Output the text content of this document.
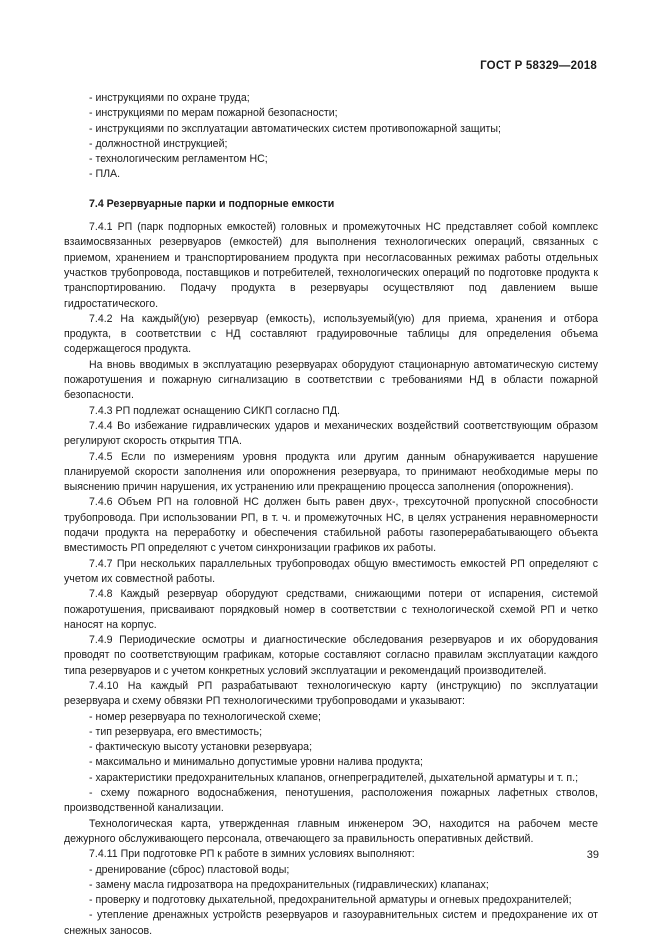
ГОСТ Р 58329—2018
- инструкциями по охране труда;
- инструкциями по мерам пожарной безопасности;
- инструкциями по эксплуатации автоматических систем противопожарной защиты;
- должностной инструкцией;
- технологическим регламентом НС;
- ПЛА.
7.4 Резервуарные парки и подпорные емкости
7.4.1 РП (парк подпорных емкостей) головных и промежуточных НС представляет собой комплекс взаимосвязанных резервуаров (емкостей) для выполнения технологических операций, связанных с приемом, хранением и транспортированием продукта при несогласованных режимах работы отдельных участков трубопровода, поставщиков и потребителей, технологических операций по подготовке продукта к транспортированию. Подачу продукта в резервуары осуществляют под давлением выше гидростатического.
7.4.2 На каждый(ую) резервуар (емкость), используемый(ую) для приема, хранения и отбора продукта, в соответствии с НД составляют градуировочные таблицы для определения объема содержащегося продукта.
На вновь вводимых в эксплуатацию резервуарах оборудуют стационарную автоматическую систему пожаротушения и пожарную сигнализацию в соответствии с требованиями НД в области пожарной безопасности.
7.4.3 РП подлежат оснащению СИКП согласно ПД.
7.4.4 Во избежание гидравлических ударов и механических воздействий соответствующим образом регулируют скорость открытия ТПА.
7.4.5 Если по измерениям уровня продукта или другим данным обнаруживается нарушение планируемой скорости заполнения или опорожнения резервуара, то принимают необходимые меры по выяснению причин нарушения, их устранению или прекращению процесса заполнения (опорожнения).
7.4.6 Объем РП на головной НС должен быть равен двух-, трехсуточной пропускной способности трубопровода. При использовании РП, в т. ч. и промежуточных НС, в целях устранения неравномерности подачи продукта на переработку и обеспечения стабильной работы газоперерабатывающего объекта вместимость РП определяют с учетом синхронизации графиков их работы.
7.4.7 При нескольких параллельных трубопроводах общую вместимость емкостей РП определяют с учетом их совместной работы.
7.4.8 Каждый резервуар оборудуют средствами, снижающими потери от испарения, системой пожаротушения, присваивают порядковый номер в соответствии с технологической схемой РП и четко наносят на корпус.
7.4.9 Периодические осмотры и диагностические обследования резервуаров и их оборудования проводят по соответствующим графикам, которые составляют согласно правилам эксплуатации каждого типа резервуаров и с учетом конкретных условий эксплуатации и рекомендаций производителей.
7.4.10 На каждый РП разрабатывают технологическую карту (инструкцию) по эксплуатации резервуара и схему обвязки РП технологическими трубопроводами и указывают:
- номер резервуара по технологической схеме;
- тип резервуара, его вместимость;
- фактическую высоту установки резервуара;
- максимально и минимально допустимые уровни налива продукта;
- характеристики предохранительных клапанов, огнепреградителей, дыхательной арматуры и т. п.;
- схему пожарного водоснабжения, пенотушения, расположения пожарных лафетных стволов, производственной канализации.
Технологическая карта, утвержденная главным инженером ЭО, находится на рабочем месте дежурного обслуживающего персонала, отвечающего за правильность оперативных действий.
7.4.11 При подготовке РП к работе в зимних условиях выполняют:
- дренирование (сброс) пластовой воды;
- замену масла гидрозатвора на предохранительных (гидравлических) клапанах;
- проверку и подготовку дыхательной, предохранительной арматуры и огневых предохранителей;
- утепление дренажных устройств резервуаров и газоуравнительных систем и предохранение их от снежных заносов.
39
